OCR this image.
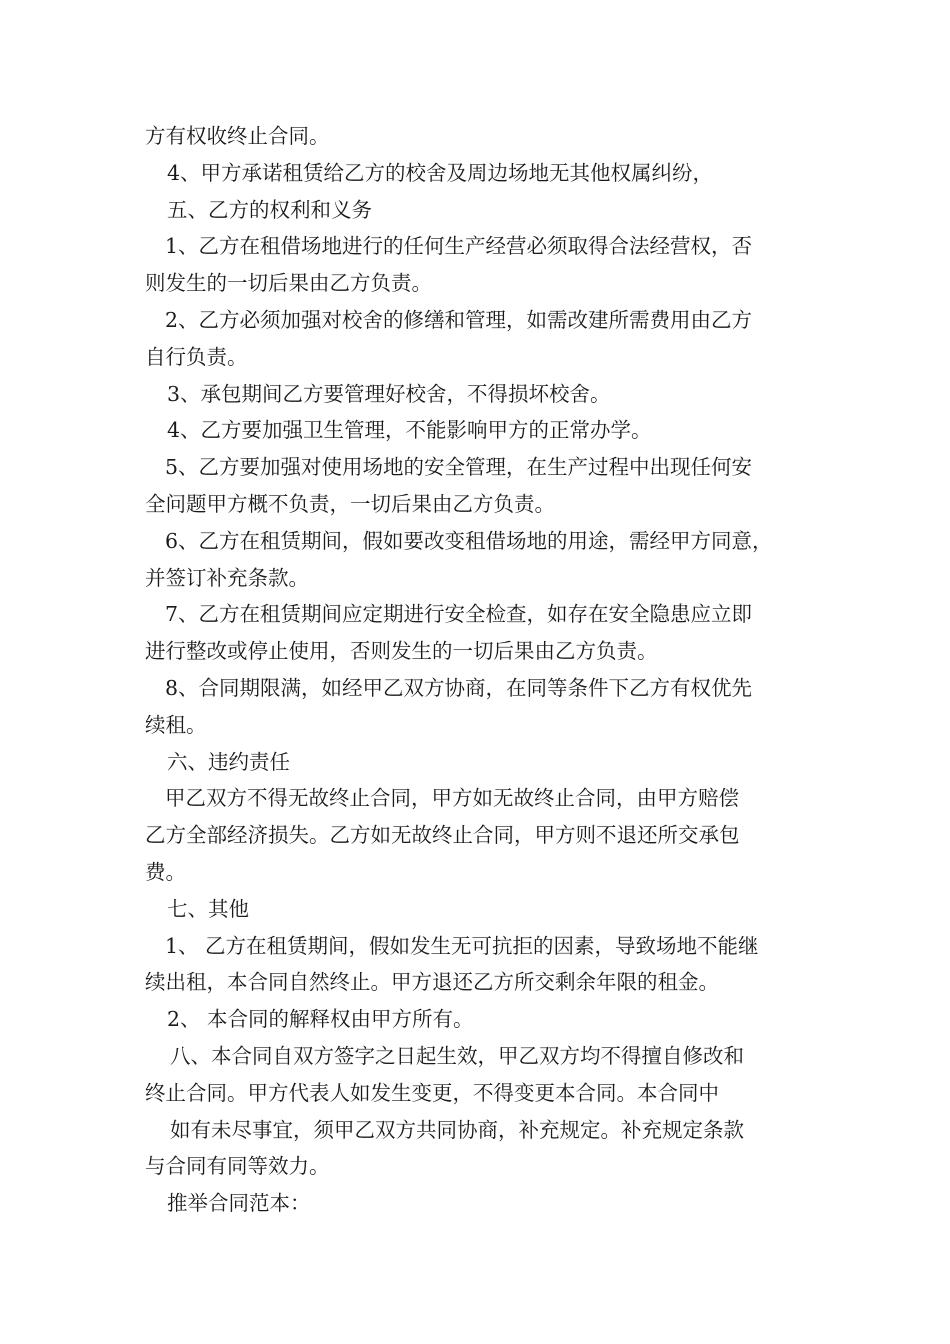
方有权收终止合同。
4、甲方承诺租赁给乙方的校舍及周边场地无其他权属纠纷，
五、乙方的权利和义务
1、乙方在租借场地进行的任何生产经营必须取得合法经营权，否
则发生的一切后果由乙方负责。
2、乙方必须加强对校舍的修缮和管理，如需改建所需费用由乙方
自行负责。
3、承包期间乙方要管理好校舍，不得损坏校舍。
4、乙方要加强卫生管理，不能影响甲方的正常办学。
5、乙方要加强对使用场地的安全管理，在生产过程中出现任何安
全问题甲方概不负责，一切后果由乙方负责。
6、乙方在租赁期间，假如要改变租借场地的用途，需经甲方同意，
并签订补充条款。
7、乙方在租赁期间应定期进行安全检查，如存在安全隐患应立即
进行整改或停止使用，否则发生的一切后果由乙方负责。
8、合同期限满，如经甲乙双方协商，在同等条件下乙方有权优先
续租。
六、违约责任
甲乙双方不得无故终止合同，甲方如无故终止合同，由甲方赔偿
乙方全部经济损失。乙方如无故终止合同，甲方则不退还所交承包
费。
七、其他
1、 乙方在租赁期间，假如发生无可抗拒的因素，导致场地不能继
续出租，本合同自然终止。甲方退还乙方所交剩余年限的租金。
2、 本合同的解释权由甲方所有。
八、本合同自双方签字之日起生效，甲乙双方均不得擅自修改和
终止合同。甲方代表人如发生变更，不得变更本合同。本合同中
如有未尽事宜，须甲乙双方共同协商，补充规定。补充规定条款
与合同有同等效力。
推举合同范本：
